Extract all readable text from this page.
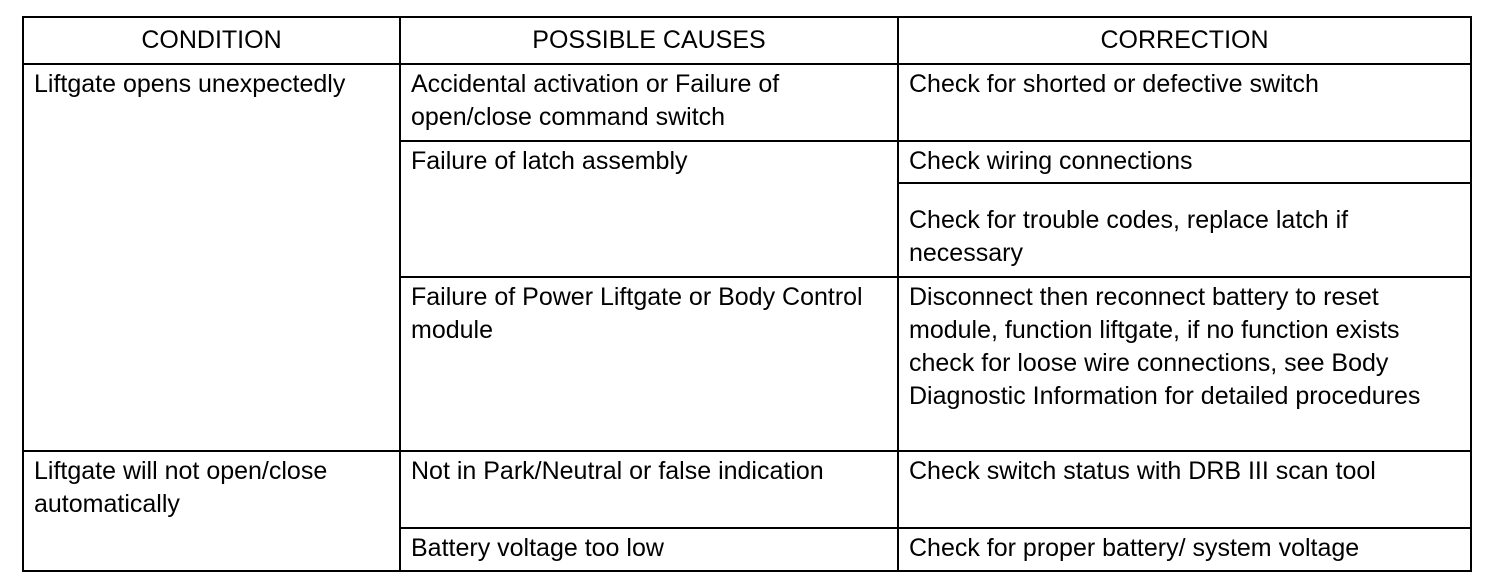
CONDITION	POSSIBLE CAUSES	CORRECTION
Liftgate opens unexpectedly	Accidental activation or Failure of open/close command switch	Check for shorted or defective switch
	Failure of latch assembly	Check wiring connections
		Check for trouble codes, replace latch if necessary
	Failure of Power Liftgate or Body Control module	Disconnect then reconnect battery to reset module, function liftgate, if no function exists check for loose wire connections, see Body Diagnostic Information for detailed procedures
Liftgate will not open/close automatically	Not in Park/Neutral or false indication	Check switch status with DRB III scan tool
	Battery voltage too low	Check for proper battery/ system voltage
